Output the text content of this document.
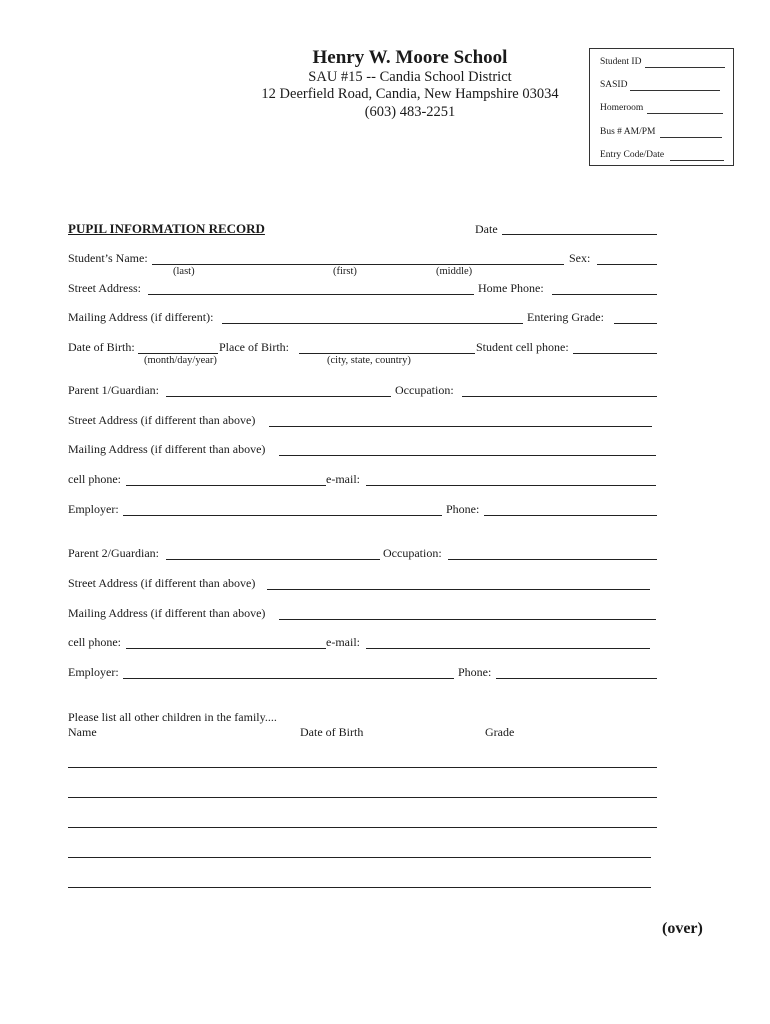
Henry W. Moore School
SAU #15 -- Candia School District
12 Deerfield Road, Candia, New Hampshire 03034
(603) 483-2251
Student ID
SASID
Homeroom
Bus # AM/PM
Entry Code/Date
PUPIL INFORMATION RECORD	Date
Student’s Name:	Sex:
(last)	(first)	(middle)
Street Address:	Home Phone:
Mailing Address (if different):	Entering Grade:
Date of Birth:	Place of Birth:	Student cell phone:
(month/day/year)	(city, state, country)
Parent 1/Guardian:	Occupation:
Street Address (if different than above)
Mailing Address (if different than above)
cell phone:	e-mail:
Employer:	Phone:
Parent 2/Guardian:	Occupation:
Street Address (if different than above)
Mailing Address (if different than above)
cell phone:	e-mail:
Employer:	Phone:
Please list all other children in the family....
Name	Date of Birth	Grade
(over)
